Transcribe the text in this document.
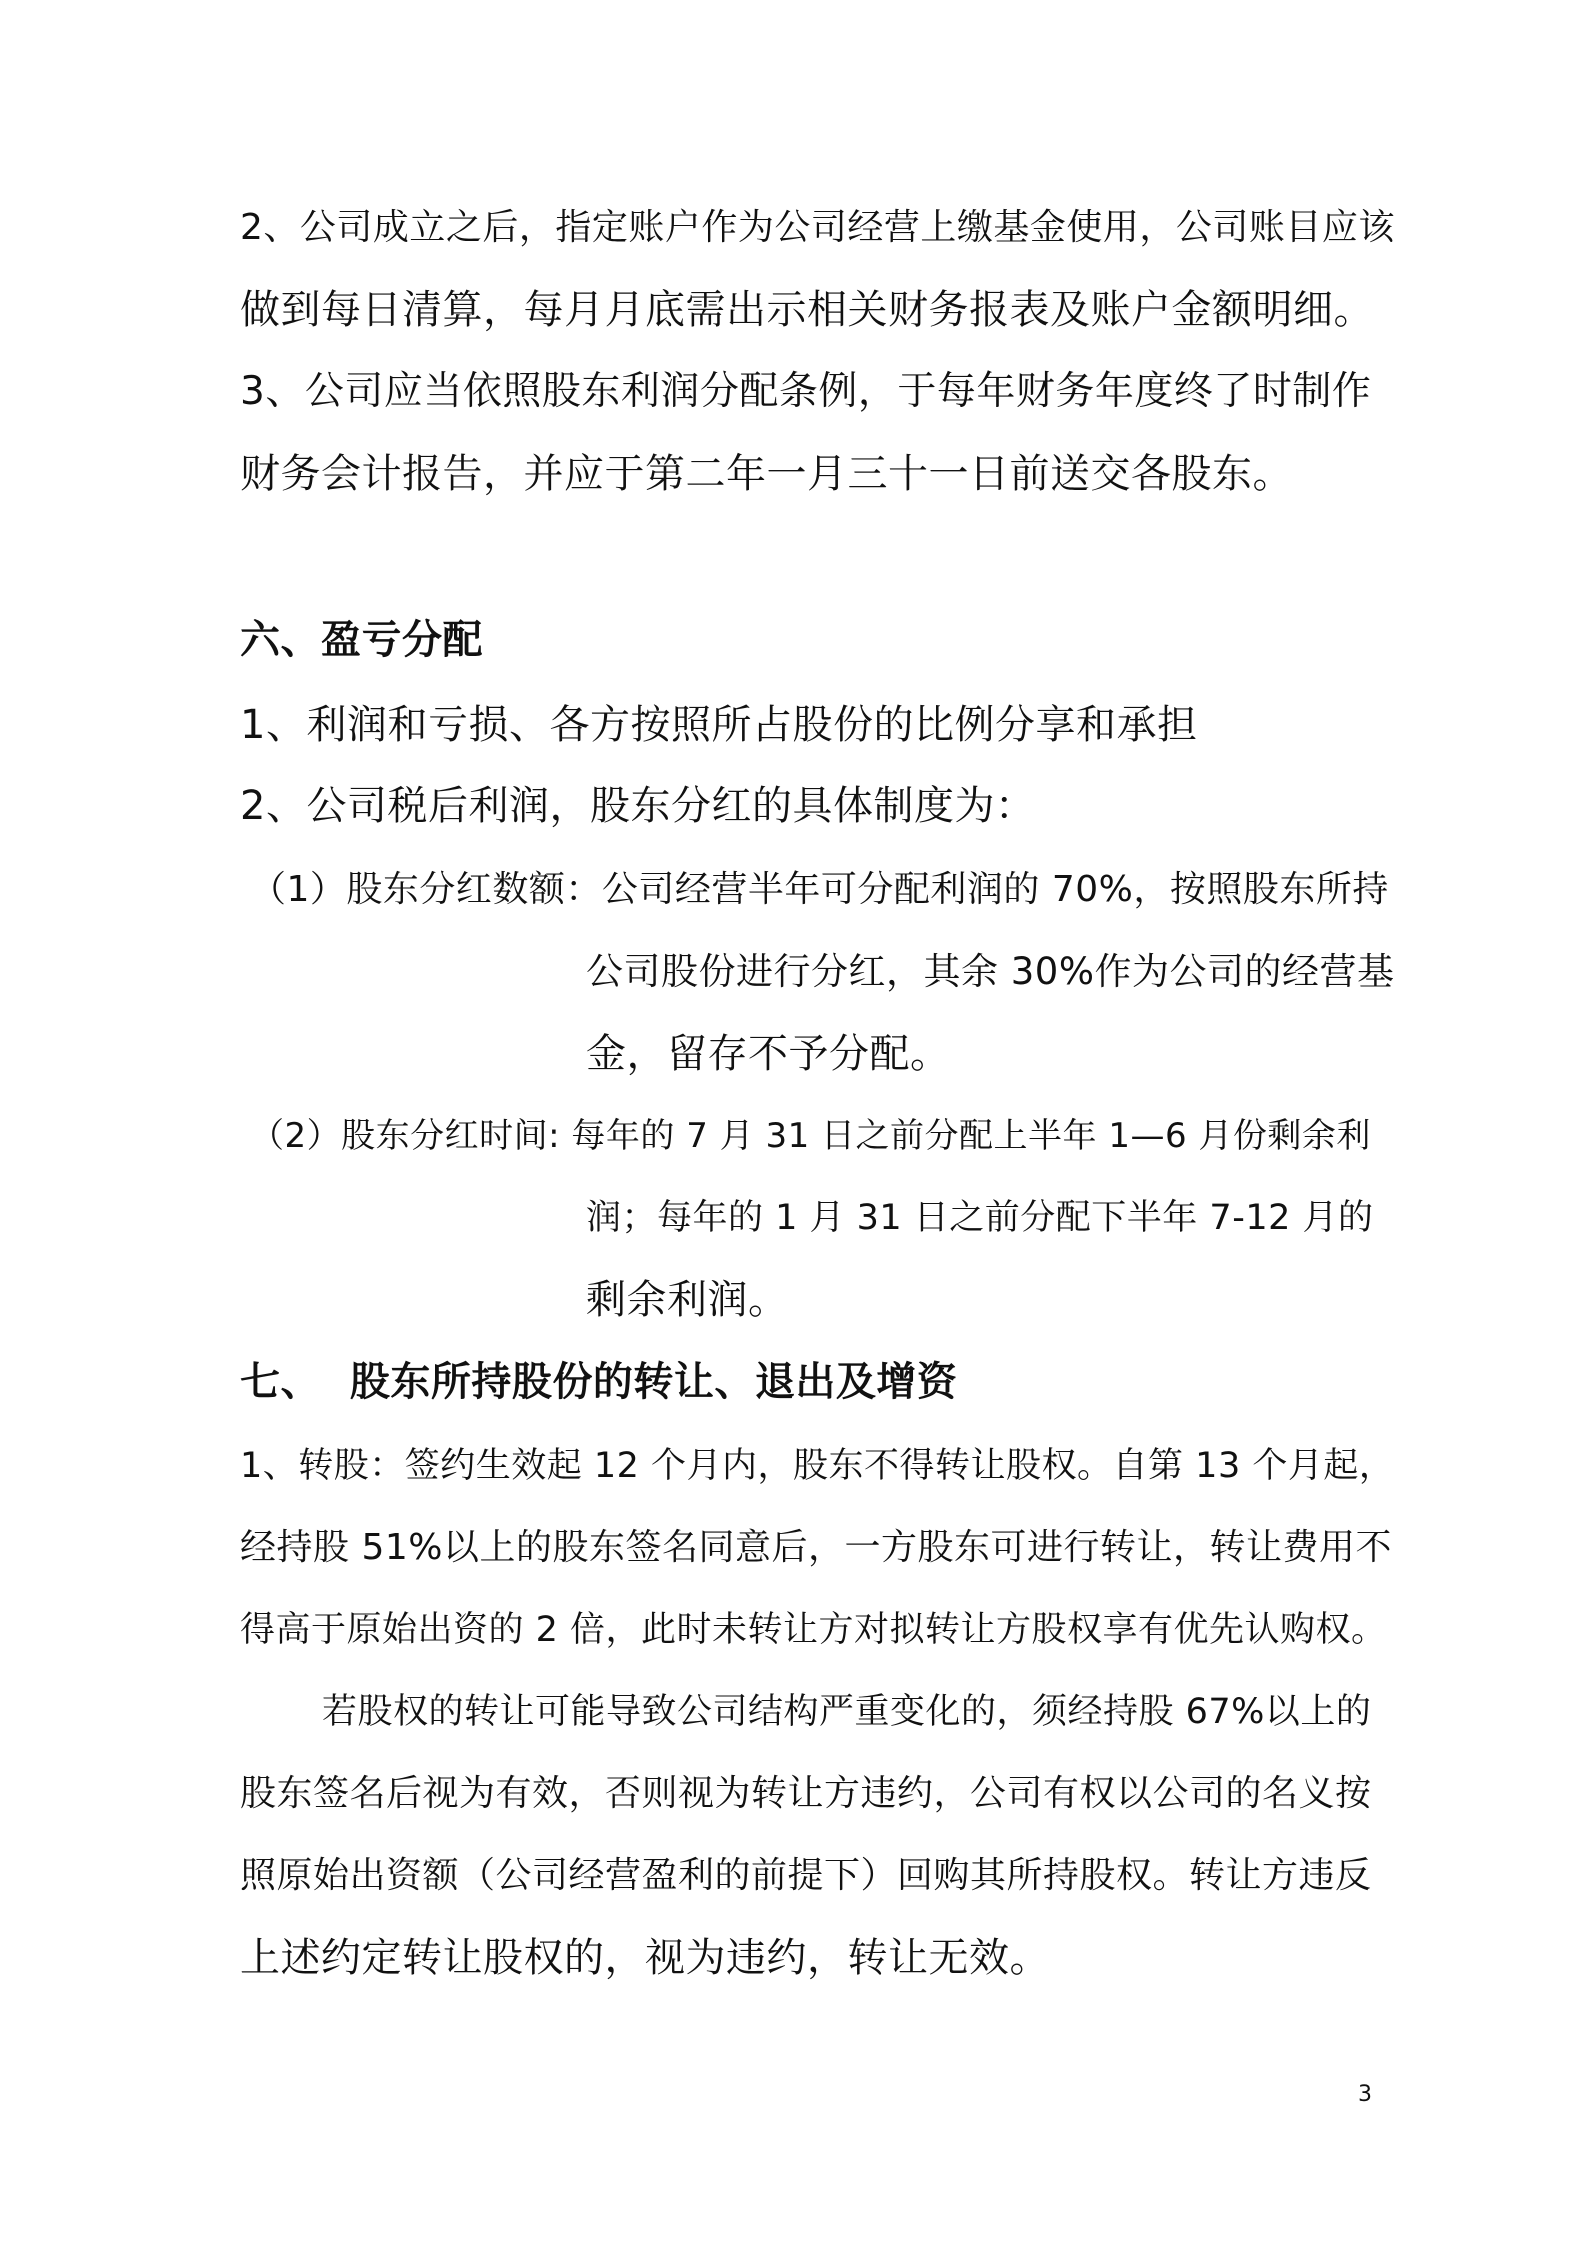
2、公司成立之后，指定账户作为公司经营上缴基金使用，公司账目应该

做到每日清算，每月月底需出示相关财务报表及账户金额明细。

3、公司应当依照股东利润分配条例，于每年财务年度终了时制作

财务会计报告，并应于第二年一月三十一日前送交各股东。

六、盈亏分配

1、利润和亏损、各方按照所占股份的比例分享和承担

2、公司税后利润，股东分红的具体制度为：

（1）股东分红数额：公司经营半年可分配利润的 70%，按照股东所持

公司股份进行分红，其余 30%作为公司的经营基

金，留存不予分配。

（2）股东分红时间: 每年的 7 月 31 日之前分配上半年 1—6 月份剩余利

润；每年的 1 月 31 日之前分配下半年 7-12 月的

剩余利润。

七、  股东所持股份的转让、退出及增资

1、转股：签约生效起 12 个月内，股东不得转让股权。自第 13 个月起，

经持股 51%以上的股东签名同意后，一方股东可进行转让，转让费用不

得高于原始出资的 2 倍，此时未转让方对拟转让方股权享有优先认购权。

若股权的转让可能导致公司结构严重变化的，须经持股 67%以上的

股东签名后视为有效，否则视为转让方违约，公司有权以公司的名义按

照原始出资额（公司经营盈利的前提下）回购其所持股权。转让方违反

上述约定转让股权的，视为违约，转让无效。

3
